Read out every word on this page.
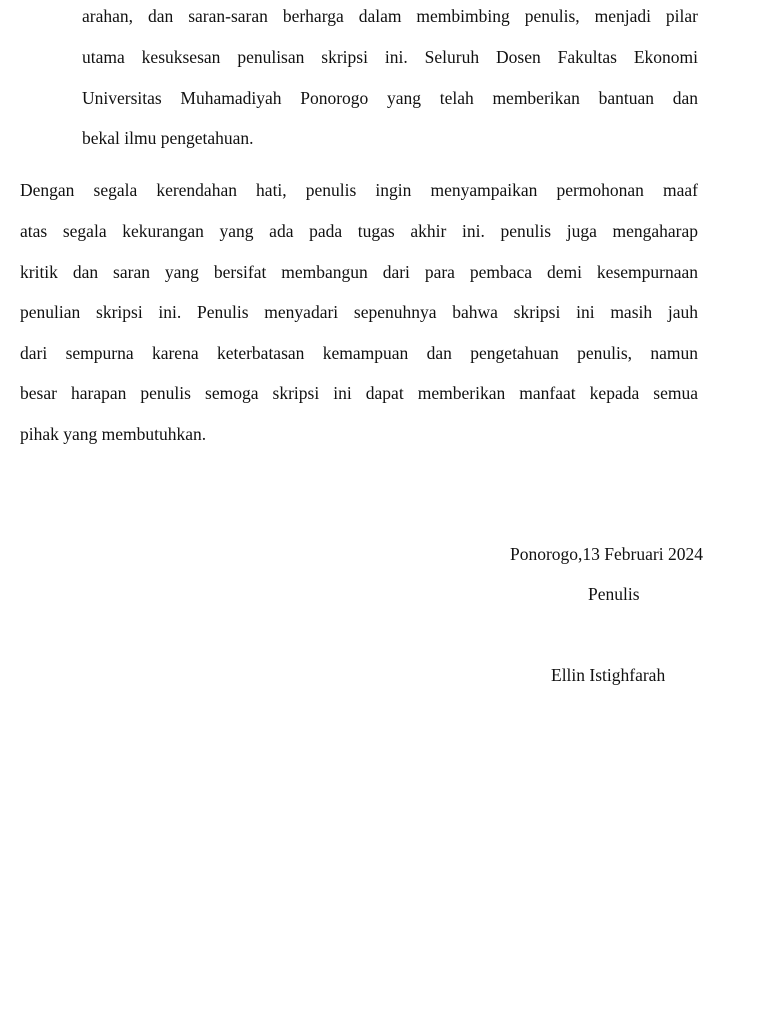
arahan, dan saran-saran berharga dalam membimbing penulis, menjadi pilar
utama kesuksesan penulisan skripsi ini. Seluruh Dosen Fakultas Ekonomi
Universitas Muhamadiyah Ponorogo yang telah memberikan bantuan dan
bekal ilmu pengetahuan.
Dengan segala kerendahan hati, penulis ingin menyampaikan permohonan maaf
atas segala kekurangan yang ada pada tugas akhir ini. penulis juga mengaharap
kritik dan saran yang bersifat membangun dari para pembaca demi kesempurnaan
penulian skripsi ini. Penulis menyadari sepenuhnya bahwa skripsi ini masih jauh
dari sempurna karena keterbatasan kemampuan dan pengetahuan penulis, namun
besar harapan penulis semoga skripsi ini dapat memberikan manfaat kepada semua
pihak yang membutuhkan.
Ponorogo,13 Februari 2024
Penulis
Ellin Istighfarah
